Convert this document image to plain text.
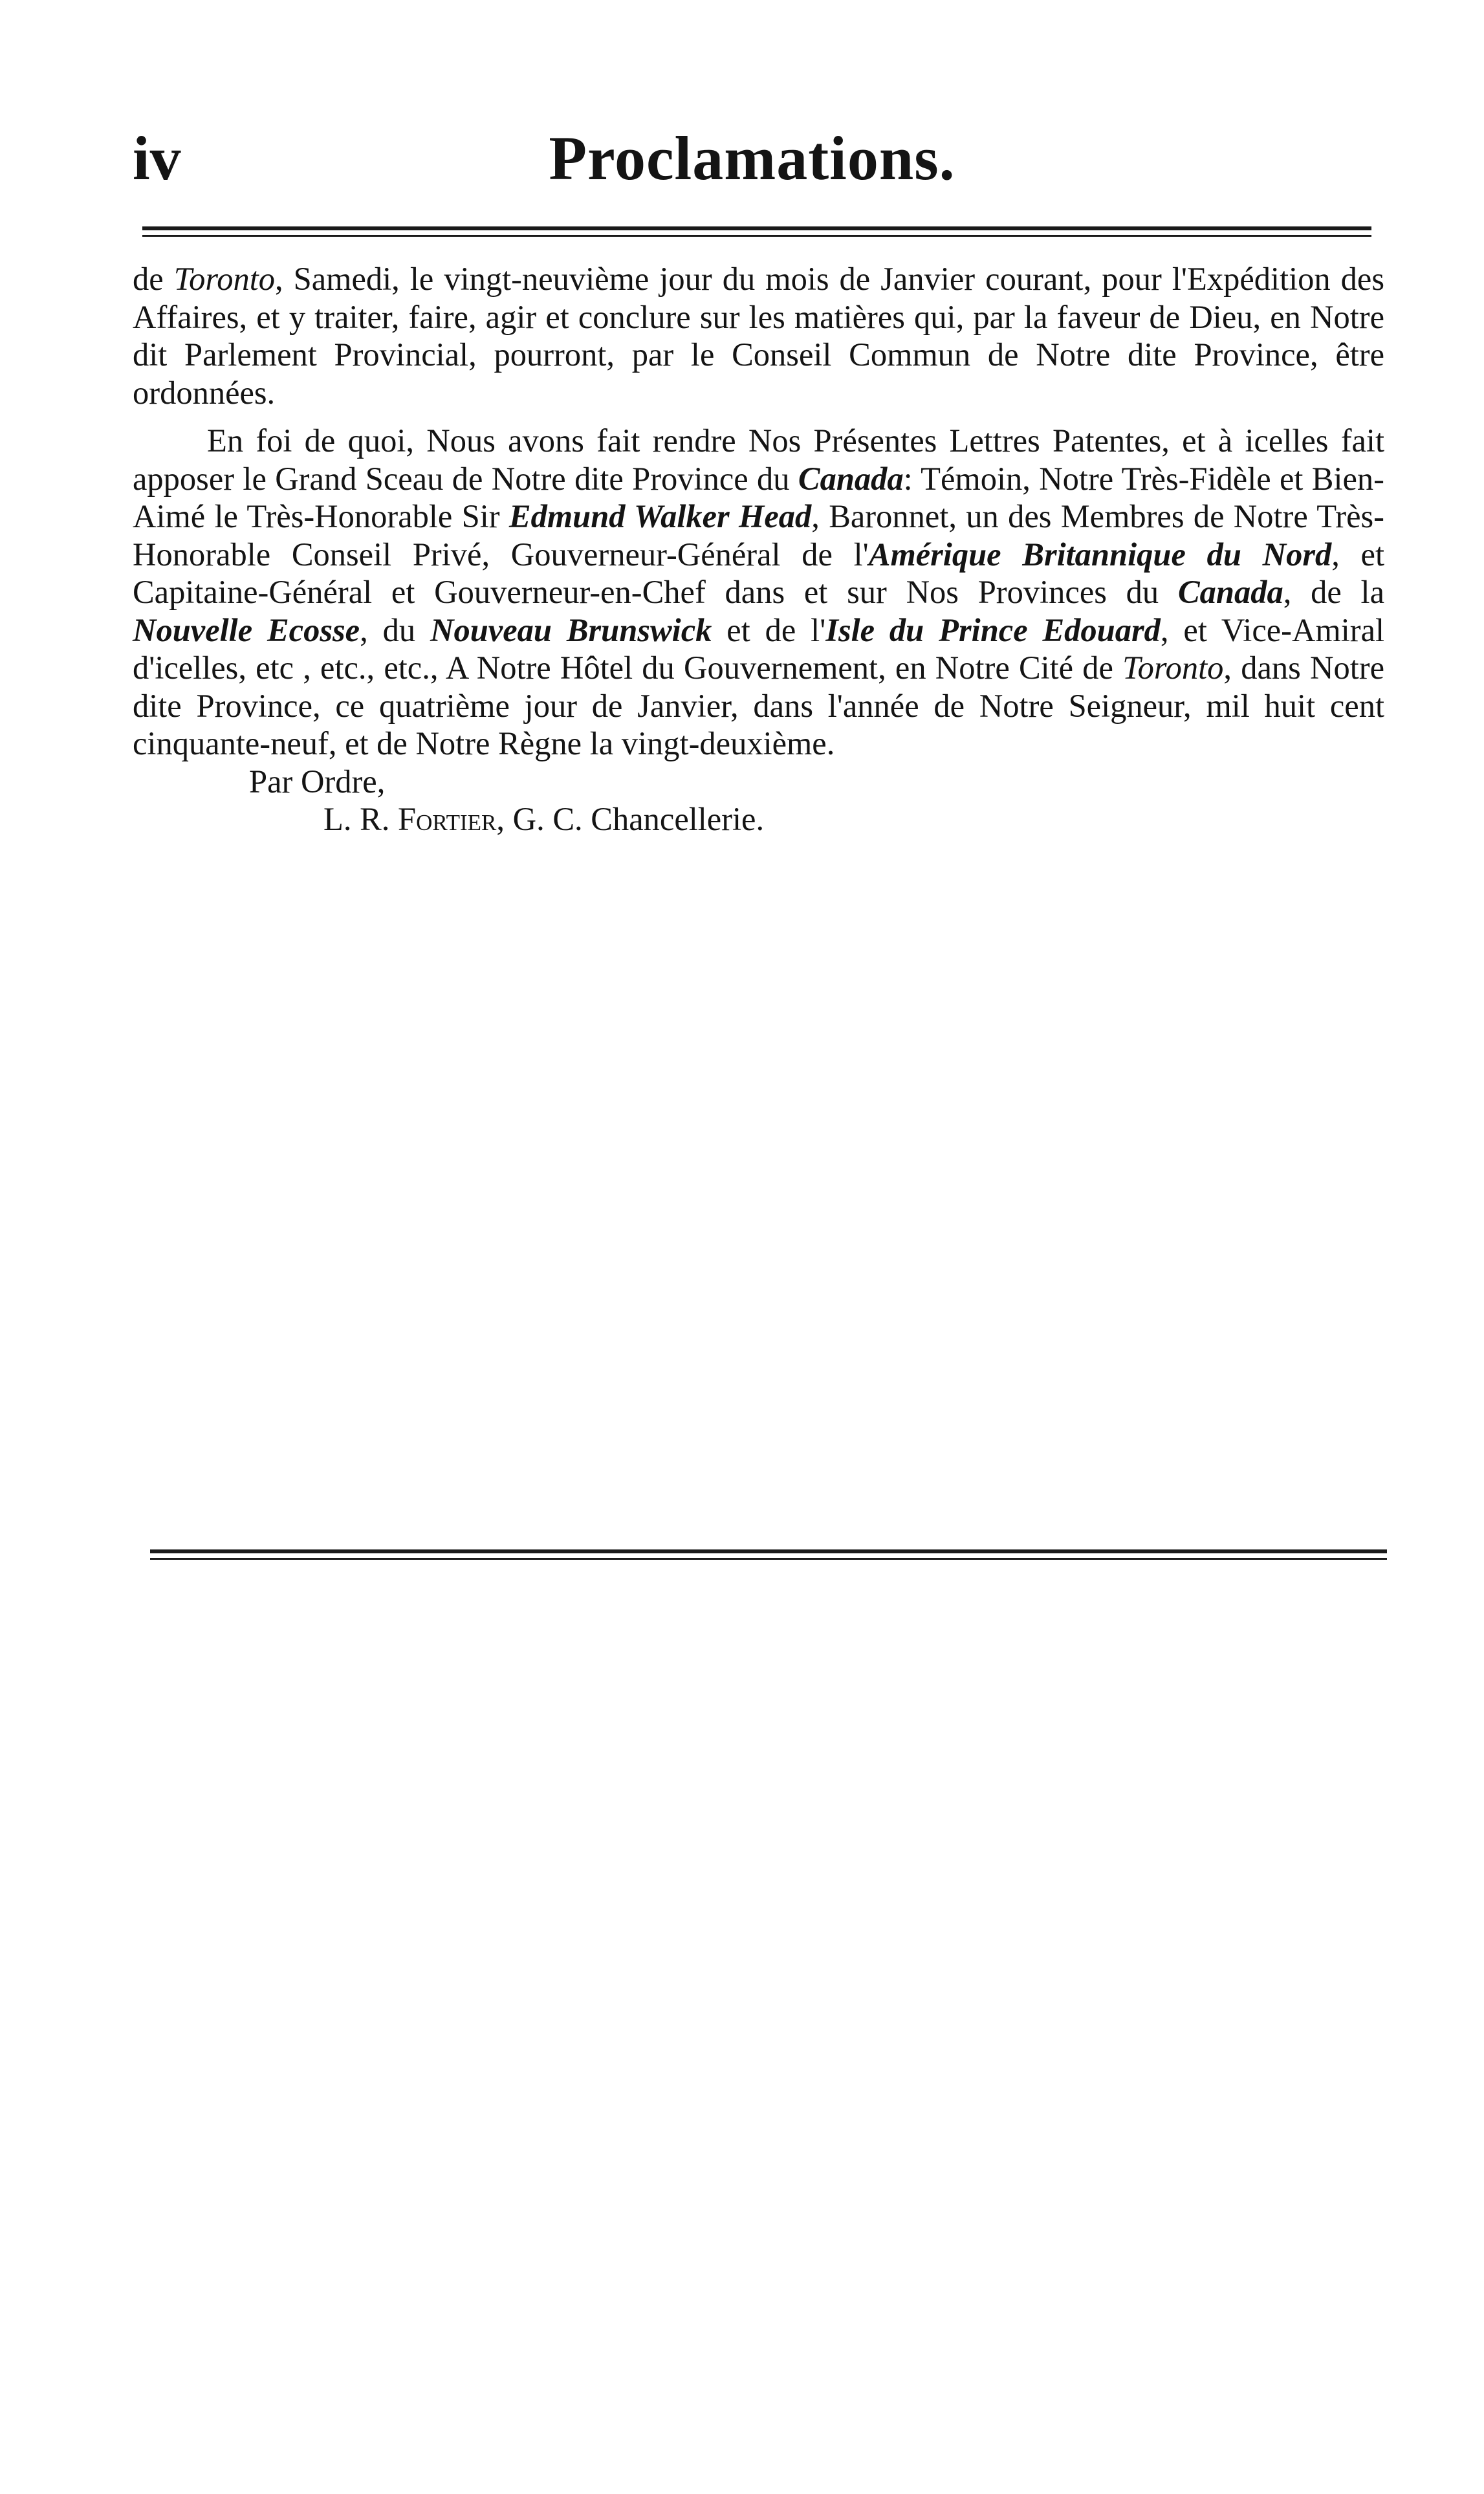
iv	Proclamations.

de Toronto, Samedi, le vingt-neuvième jour du mois de Janvier courant, pour l'Expédition des Affaires, et y traiter, faire, agir et conclure sur les matières qui, par la faveur de Dieu, en Notre dit Parlement Provincial, pourront, par le Conseil Commun de Notre dite Province, être ordonnées.

En foi de quoi, Nous avons fait rendre Nos Présentes Lettres Patentes, et à icelles fait apposer le Grand Sceau de Notre dite Province du Canada: Témoin, Notre Très-Fidèle et Bien-Aimé le Très-Honorable Sir Edmund Walker Head, Baronnet, un des Membres de Notre Très-Honorable Conseil Privé, Gouverneur-Général de l'Amérique Britannique du Nord, et Capitaine-Général et Gouverneur-en-Chef dans et sur Nos Provinces du Canada, de la Nouvelle Ecosse, du Nouveau Brunswick et de l'Isle du Prince Edouard, et Vice-Amiral d'icelles, etc , etc., etc., A Notre Hôtel du Gouvernement, en Notre Cité de Toronto, dans Notre dite Province, ce quatrième jour de Janvier, dans l'année de Notre Seigneur, mil huit cent cinquante-neuf, et de Notre Règne la vingt-deuxième.

Par Ordre,

L. R. Fortier, G. C. Chancellerie.
